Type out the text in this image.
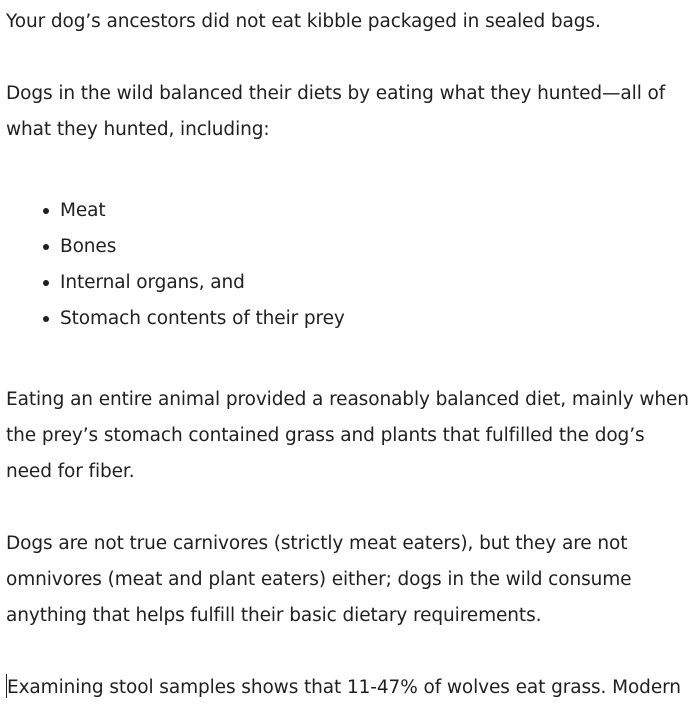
Your dog’s ancestors did not eat kibble packaged in sealed bags.

Dogs in the wild balanced their diets by eating what they hunted—all of what they hunted, including:

Meat
Bones
Internal organs, and
Stomach contents of their prey

Eating an entire animal provided a reasonably balanced diet, mainly when the prey’s stomach contained grass and plants that fulfilled the dog’s need for fiber.

Dogs are not true carnivores (strictly meat eaters), but they are not omnivores (meat and plant eaters) either; dogs in the wild consume anything that helps fulfill their basic dietary requirements.

Examining stool samples shows that 11-47% of wolves eat grass. Modern
